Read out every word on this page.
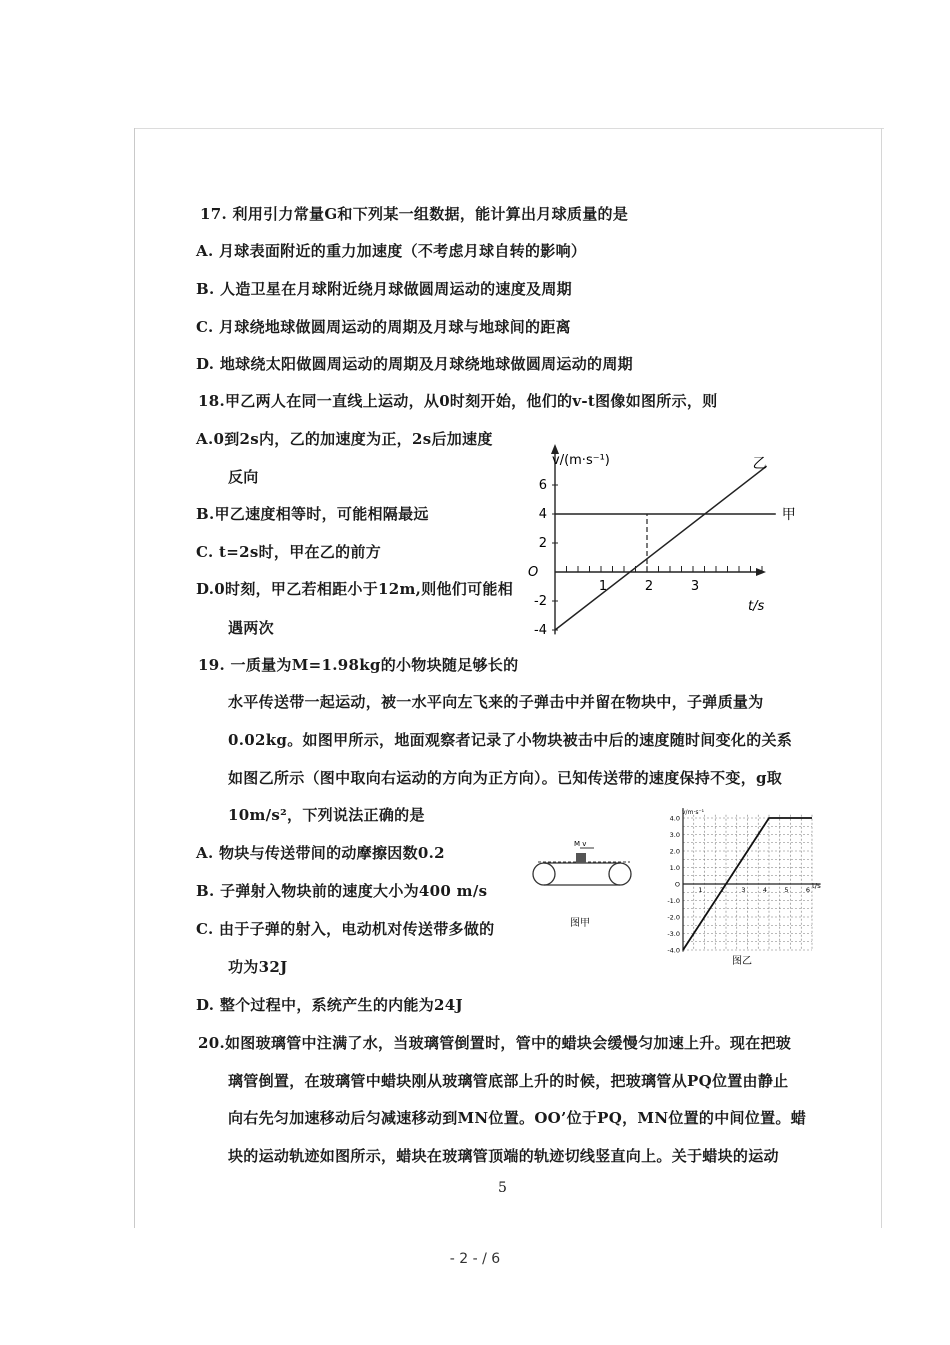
17. 利用引力常量G和下列某一组数据，能计算出月球质量的是
A. 月球表面附近的重力加速度（不考虑月球自转的影响）
B. 人造卫星在月球附近绕月球做圆周运动的速度及周期
C. 月球绕地球做圆周运动的周期及月球与地球间的距离
D. 地球绕太阳做圆周运动的周期及月球绕地球做圆周运动的周期
18.甲乙两人在同一直线上运动，从0时刻开始，他们的v-t图像如图所示，则
A.0到2s内，乙的加速度为正，2s后加速度
反向
B.甲乙速度相等时，可能相隔最远
C. t=2s时，甲在乙的前方
D.0时刻，甲乙若相距小于12m,则他们可能相
遇两次
v/(m·s⁻¹)
t/s
O
6
4
2
-2
-4
1	2	3
甲
乙
19. 一质量为M=1.98kg的小物块随足够长的
水平传送带一起运动，被一水平向左飞来的子弹击中并留在物块中，子弹质量为
0.02kg。如图甲所示，地面观察者记录了小物块被击中后的速度随时间变化的关系
如图乙所示（图中取向右运动的方向为正方向）。已知传送带的速度保持不变，g取
10m/s²，下列说法正确的是
A. 物块与传送带间的动摩擦因数0.2
B. 子弹射入物块前的速度大小为400 m/s
C. 由于子弹的射入，电动机对传送带多做的
功为32J
D. 整个过程中，系统产生的内能为24J
M v
图甲
v/m·s⁻¹
t/s
4.0
3.0
2.0
1.0
O
-1.0
-2.0
-3.0
-4.0
1	2	3	4	5	6
图乙
20.如图玻璃管中注满了水，当玻璃管倒置时，管中的蜡块会缓慢匀加速上升。现在把玻
璃管倒置，在玻璃管中蜡块刚从玻璃管底部上升的时候，把玻璃管从PQ位置由静止
向右先匀加速移动后匀减速移动到MN位置。OO’位于PQ，MN位置的中间位置。蜡
块的运动轨迹如图所示，蜡块在玻璃管顶端的轨迹切线竖直向上。关于蜡块的运动
5
- 2 - / 6
